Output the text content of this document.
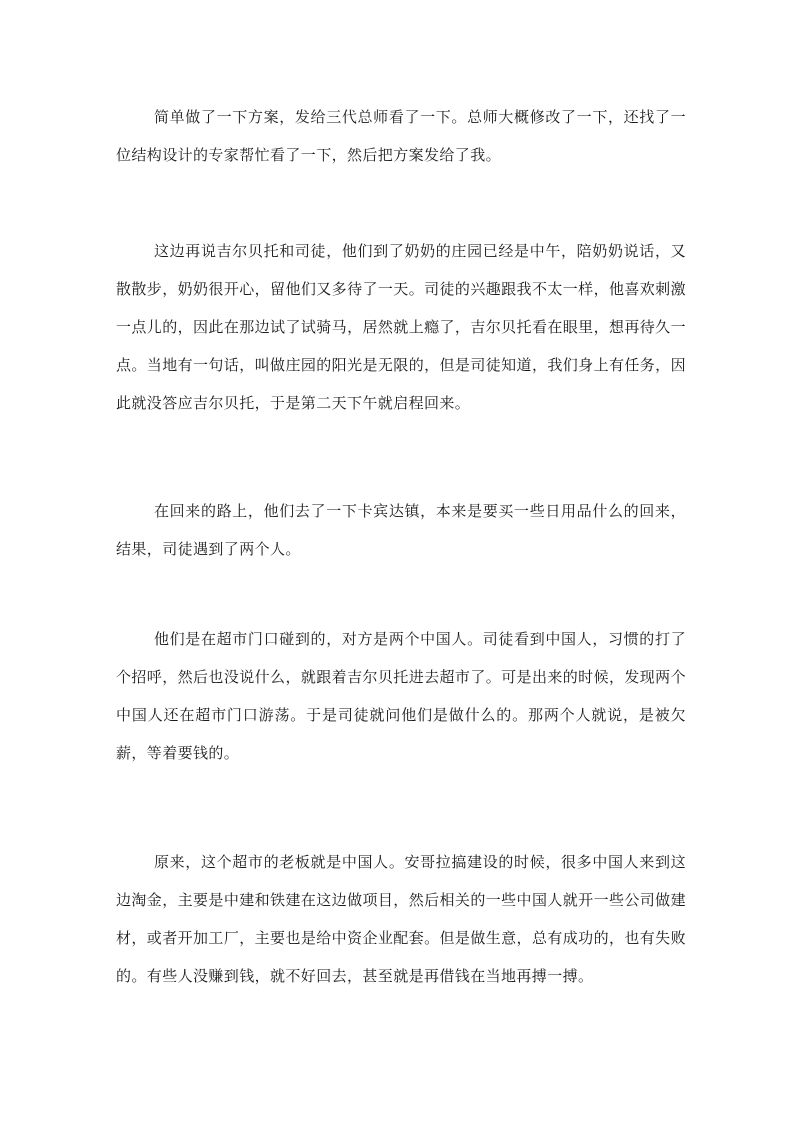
简单做了一下方案，发给三代总师看了一下。总师大概修改了一下，还找了一位结构设计的专家帮忙看了一下，然后把方案发给了我。

这边再说吉尔贝托和司徒，他们到了奶奶的庄园已经是中午，陪奶奶说话，又散散步，奶奶很开心，留他们又多待了一天。司徒的兴趣跟我不太一样，他喜欢刺激一点儿的，因此在那边试了试骑马，居然就上瘾了，吉尔贝托看在眼里，想再待久一点。当地有一句话，叫做庄园的阳光是无限的，但是司徒知道，我们身上有任务，因此就没答应吉尔贝托，于是第二天下午就启程回来。

在回来的路上，他们去了一下卡宾达镇，本来是要买一些日用品什么的回来，结果，司徒遇到了两个人。

他们是在超市门口碰到的，对方是两个中国人。司徒看到中国人，习惯的打了个招呼，然后也没说什么，就跟着吉尔贝托进去超市了。可是出来的时候，发现两个中国人还在超市门口游荡。于是司徒就问他们是做什么的。那两个人就说，是被欠薪，等着要钱的。

原来，这个超市的老板就是中国人。安哥拉搞建设的时候，很多中国人来到这边淘金，主要是中建和铁建在这边做项目，然后相关的一些中国人就开一些公司做建材，或者开加工厂，主要也是给中资企业配套。但是做生意，总有成功的，也有失败的。有些人没赚到钱，就不好回去，甚至就是再借钱在当地再搏一搏。
